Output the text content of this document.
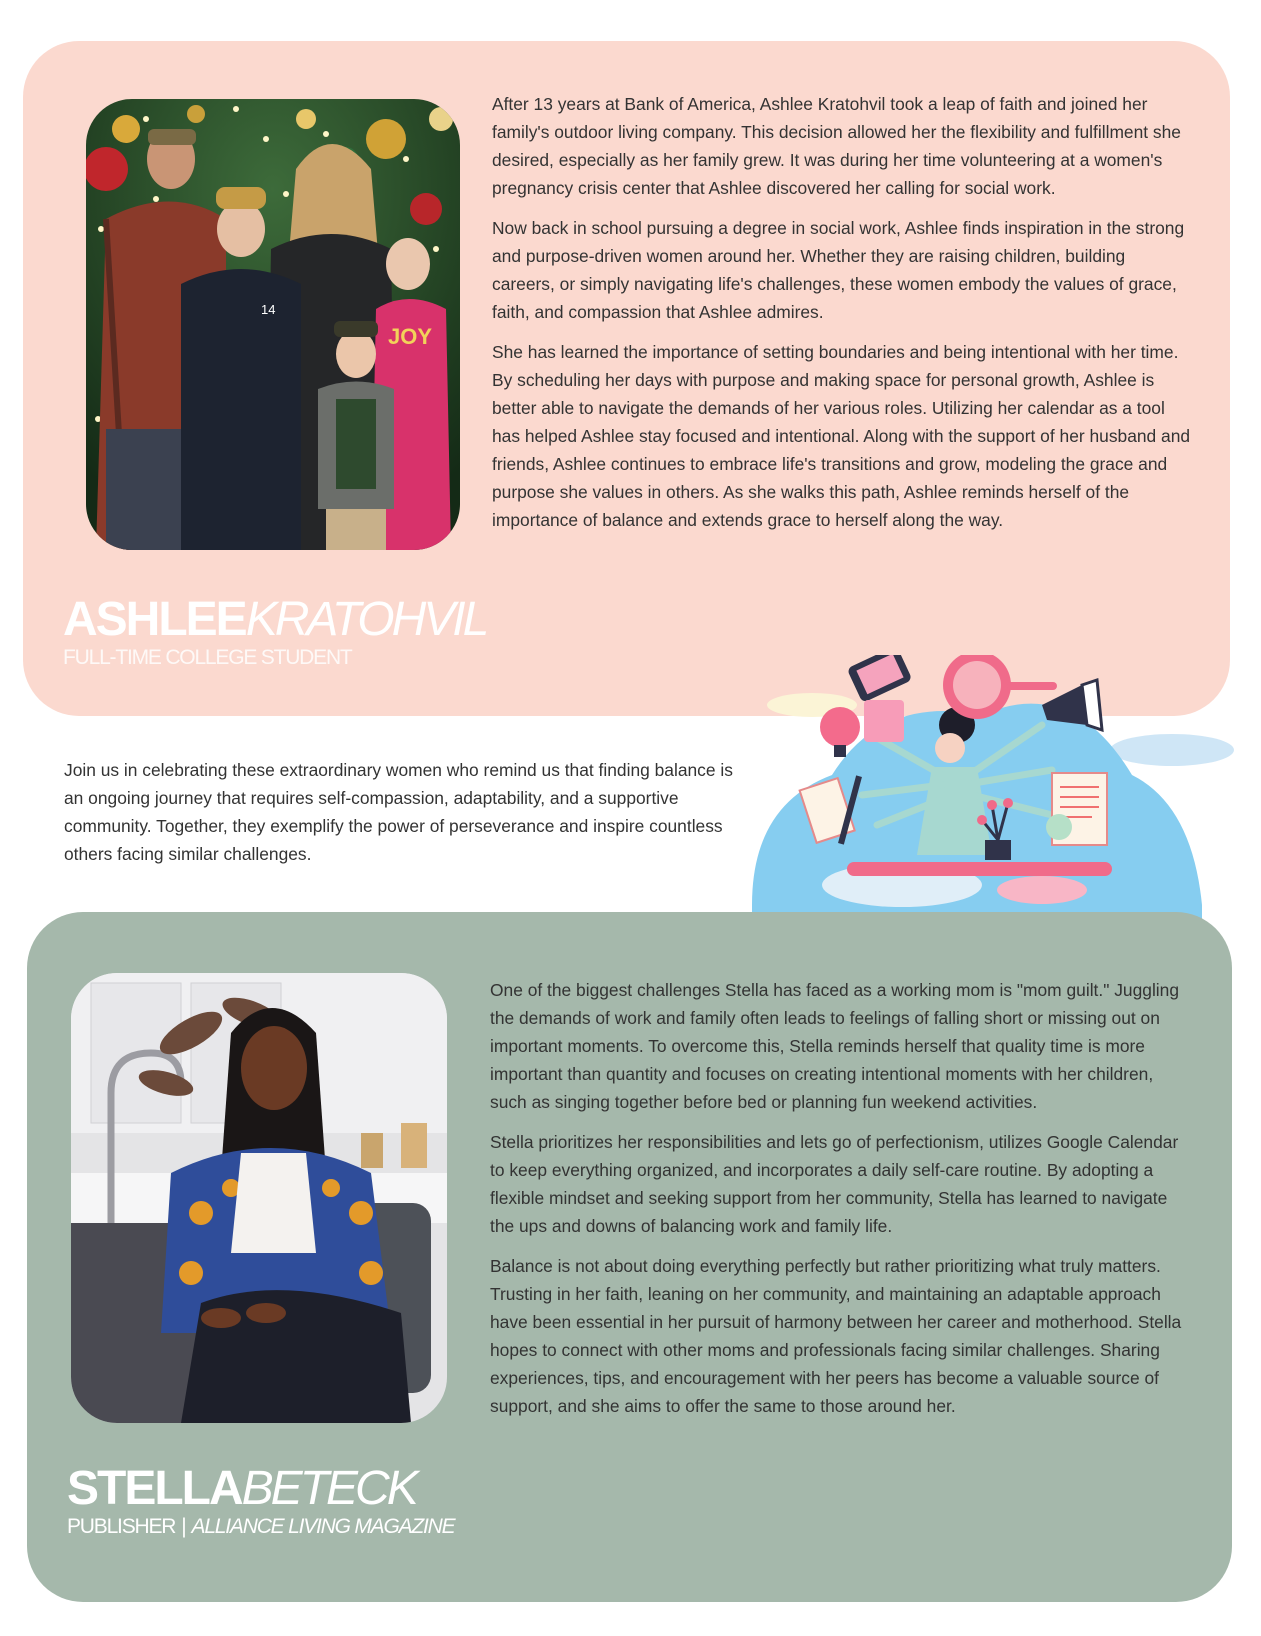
14
JOY

After 13 years at Bank of America, Ashlee Kratohvil took a leap of faith and joined her family's outdoor living company. This decision allowed her the flexibility and fulfillment she desired, especially as her family grew. It was during her time volunteering at a women's pregnancy crisis center that Ashlee discovered her calling for social work.

Now back in school pursuing a degree in social work, Ashlee finds inspiration in the strong and purpose-driven women around her. Whether they are raising children, building careers, or simply navigating life's challenges, these women embody the values of grace, faith, and compassion that Ashlee admires.

She has learned the importance of setting boundaries and being intentional with her time. By scheduling her days with purpose and making space for personal growth, Ashlee is better able to navigate the demands of her various roles. Utilizing her calendar as a tool has helped Ashlee stay focused and intentional. Along with the support of her husband and friends, Ashlee continues to embrace life's transitions and grow, modeling the grace and purpose she values in others. As she walks this path, Ashlee reminds herself of the importance of balance and extends grace to herself along the way.

ASHLEEKRATOHVIL
FULL-TIME COLLEGE STUDENT
Join us in celebrating these extraordinary women who remind us that finding balance is an ongoing journey that requires self-compassion, adaptability, and a supportive community. Together, they exemplify the power of perseverance and inspire countless others facing similar challenges.

One of the biggest challenges Stella has faced as a working mom is "mom guilt." Juggling the demands of work and family often leads to feelings of falling short or missing out on important moments. To overcome this, Stella reminds herself that quality time is more important than quantity and focuses on creating intentional moments with her children, such as singing together before bed or planning fun weekend activities.

Stella prioritizes her responsibilities and lets go of perfectionism, utilizes Google Calendar to keep everything organized, and incorporates a daily self-care routine. By adopting a flexible mindset and seeking support from her community, Stella has learned to navigate the ups and downs of balancing work and family life.

Balance is not about doing everything perfectly but rather prioritizing what truly matters. Trusting in her faith, leaning on her community, and maintaining an adaptable approach have been essential in her pursuit of harmony between her career and motherhood. Stella hopes to connect with other moms and professionals facing similar challenges. Sharing experiences, tips, and encouragement with her peers has become a valuable source of support, and she aims to offer the same to those around her.

STELLABETECK
PUBLISHER | ALLIANCE LIVING MAGAZINE
